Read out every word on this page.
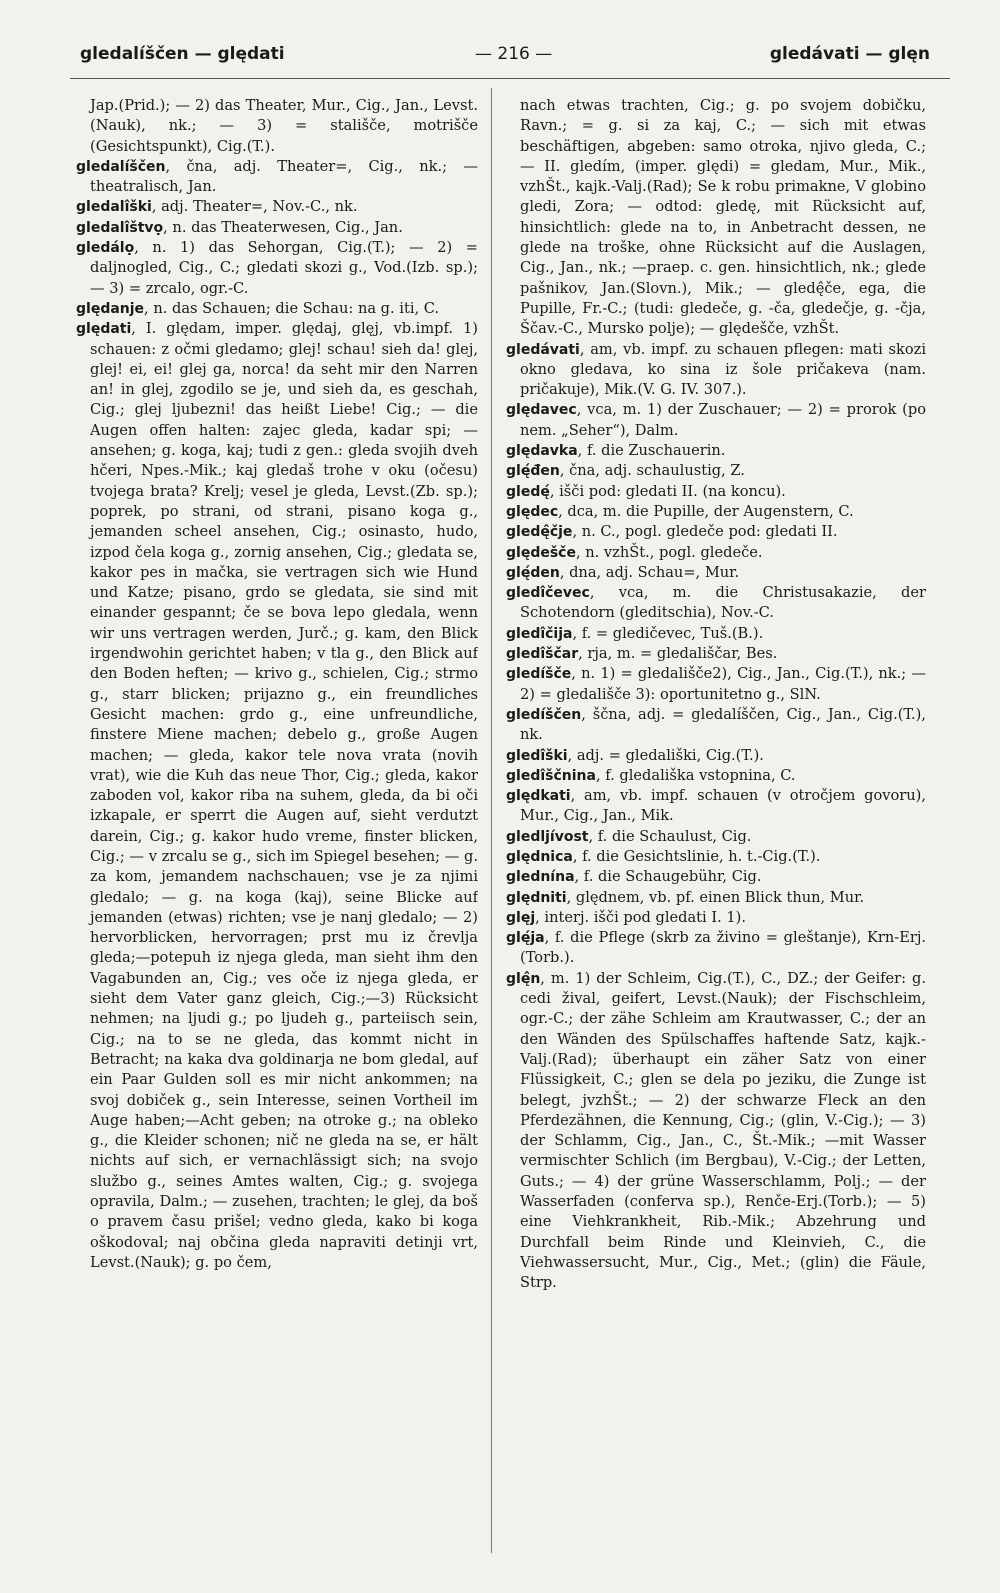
gledalíščen — ględati	— 216 —	gledávati — glęn

Jap.(Prid.); — 2) das Theater, Mur., Cig., Jan., Levst.(Nauk), nk.; — 3) = stališče, motrišče (Gesichtspunkt), Cig.(T.).

gledalíščen, čna, adj. Theater=, Cig., nk.; — theatralisch, Jan.

gledalîški, adj. Theater=, Nov.-C., nk.

gledalîštvọ, n. das Theaterwesen, Cig., Jan.

gledálọ, n. 1) das Sehorgan, Cig.(T.); — 2) = daljnogled, Cig., C.; gledati skozi g., Vod.(Izb. sp.); — 3) = zrcalo, ogr.-C.

ględanje, n. das Schauen; die Schau: na g. iti, C.

ględati, I. ględam, imper. ględaj, glęj, vb.impf. 1) schauen: z očmi gledamo; glej! schau! sieh da! glej, glej! ei, ei! glej ga, norca! da seht mir den Narren an! in glej, zgodilo se je, und sieh da, es geschah, Cig.; glej ljubezni! das heißt Liebe! Cig.; — die Augen offen halten: zajec gleda, kadar spi; —ansehen; g. koga, kaj; tudi z gen.: gleda svojih dveh hčeri, Npes.-Mik.; kaj gledaš trohe v oku (očesu) tvojega brata? Krelj; vesel je gleda, Levst.(Zb. sp.); poprek, po strani, od strani, pisano koga g., jemanden scheel ansehen, Cig.; osinasto, hudo, izpod čela koga g., zornig ansehen, Cig.; gledata se, kakor pes in mačka, sie vertragen sich wie Hund und Katze; pisano, grdo se gledata, sie sind mit einander gespannt; če se bova lepo gledala, wenn wir uns vertragen werden, Jurč.; g. kam, den Blick irgendwohin gerichtet haben; v tla g., den Blick auf den Boden heften; — krivo g., schielen, Cig.; strmo g., starr blicken; prijazno g., ein freundliches Gesicht machen: grdo g., eine unfreundliche, finstere Miene machen; debelo g., große Augen machen; — gleda, kakor tele nova vrata (novih vrat), wie die Kuh das neue Thor, Cig.; gleda, kakor zaboden vol, kakor riba na suhem, gleda, da bi oči izkapale, er sperrt die Augen auf, sieht verdutzt darein, Cig.; g. kakor hudo vreme, finster blicken, Cig.; — v zrcalu se g., sich im Spiegel besehen; — g. za kom, jemandem nachschauen; vse je za njimi gledalo; — g. na koga (kaj), seine Blicke auf jemanden (etwas) richten; vse je nanj gledalo; — 2) hervorblicken, hervorragen; prst mu iz črevlja gleda;—potepuh iz njega gleda, man sieht ihm den Vagabunden an, Cig.; ves oče iz njega gleda, er sieht dem Vater ganz gleich, Cig.;—3) Rücksicht nehmen; na ljudi g.; po ljudeh g., parteiisch sein, Cig.; na to se ne gleda, das kommt nicht in Betracht; na kaka dva goldinarja ne bom gledal, auf ein Paar Gulden soll es mir nicht ankommen; na svoj dobiček g., sein Interesse, seinen Vortheil im Auge haben;—Acht geben; na otroke g.; na obleko g., die Kleider schonen; nič ne gleda na se, er hält nichts auf sich, er vernachlässigt sich; na svojo službo g., seines Amtes walten, Cig.; g. svojega opravila, Dalm.; — zusehen, trachten; le glej, da boš o pravem času prišel; vedno gleda, kako bi koga oškodoval; naj občina gleda napraviti detinji vrt, Levst.(Nauk); g. po čem,

nach etwas trachten, Cig.; g. po svojem dobičku, Ravn.; = g. si za kaj, C.; — sich mit etwas beschäftigen, abgeben: samo otroka, njivo gleda, C.; — II. gledím, (imper. ględi) = gledam, Mur., Mik., vzhŠt., kajk.-Valj.(Rad); Se k robu primakne, V globino gledi, Zora; — odtod: gledę, mit Rücksicht auf, hinsichtlich: glede na to, in Anbetracht dessen, ne glede na troške, ohne Rücksicht auf die Auslagen, Cig., Jan., nk.; —praep. c. gen. hinsichtlich, nk.; glede pašnikov, Jan.(Slovn.), Mik.; — gledę̂če, ega, die Pupille, Fr.-C.; (tudi: gledeče, g. -ča, gledečje, g. -čja, Ščav.-C., Mursko polje); — ględešče, vzhŠt.

gledávati, am, vb. impf. zu schauen pflegen: mati skozi okno gledava, ko sina iz šole pričakeva (nam. pričakuje), Mik.(V. G. IV. 307.).

ględavec, vca, m. 1) der Zuschauer; — 2) = prorok (po nem. „Seher“), Dalm.

ględavka, f. die Zuschauerin.

glę́đen, čna, adj. schaulustig, Z.

gledę́, išči pod: gledati II. (na koncu).

ględec, dca, m. die Pupille, der Augenstern, C.

gledę̂čje, n. C., pogl. gledeče pod: gledati II.

ględešče, n. vzhŠt., pogl. gledeče.

glę́den, dna, adj. Schau=, Mur.

gledîčevec, vca, m. die Christusakazie, der Schotendorn (gleditschia), Nov.-C.

gledîčija, f. = gledičevec, Tuš.(B.).

gledîščar, rja, m. = gledališčar, Bes.

gledíšče, n. 1) = gledališče2), Cig., Jan., Cig.(T.), nk.; — 2) = gledališče 3): oportunitetno g., SlN.

gledíščen, ščna, adj. = gledalíščen, Cig., Jan., Cig.(T.), nk.

gledîški, adj. = gledališki, Cig.(T.).

gledîščnina, f. gledališka vstopnina, C.

ględkati, am, vb. impf. schauen (v otročjem govoru), Mur., Cig., Jan., Mik.

gledljívost, f. die Schaulust, Cig.

ględnica, f. die Gesichtslinie, h. t.-Cig.(T.).

glednína, f. die Schaugebühr, Cig.

ględniti, ględnem, vb. pf. einen Blick thun, Mur.

glęj, interj. išči pod gledati I. 1).

glę́ja, f. die Pflege (skrb za živino = gleštanje), Krn-Erj.(Torb.).

glę̂n, m. 1) der Schleim, Cig.(T.), C., DZ.; der Geifer: g. cedi žival, geifert, Levst.(Nauk); der Fischschleim, ogr.-C.; der zähe Schleim am Krautwasser, C.; der an den Wänden des Spülschaffes haftende Satz, kajk.-Valj.(Rad); überhaupt ein zäher Satz von einer Flüssigkeit, C.; glen se dela po jeziku, die Zunge ist belegt, jvzhŠt.; — 2) der schwarze Fleck an den Pferdezähnen, die Kennung, Cig.; (glin, V.-Cig.); — 3) der Schlamm, Cig., Jan., C., Št.-Mik.; —mit Wasser vermischter Schlich (im Bergbau), V.-Cig.; der Letten, Guts.; — 4) der grüne Wasserschlamm, Polj.; — der Wasserfaden (conferva sp.), Renče-Erj.(Torb.); — 5) eine Viehkrankheit, Rib.-Mik.; Abzehrung und Durchfall beim Rinde und Kleinvieh, C., die Viehwassersucht, Mur., Cig., Met.; (glin) die Fäule, Strp.
